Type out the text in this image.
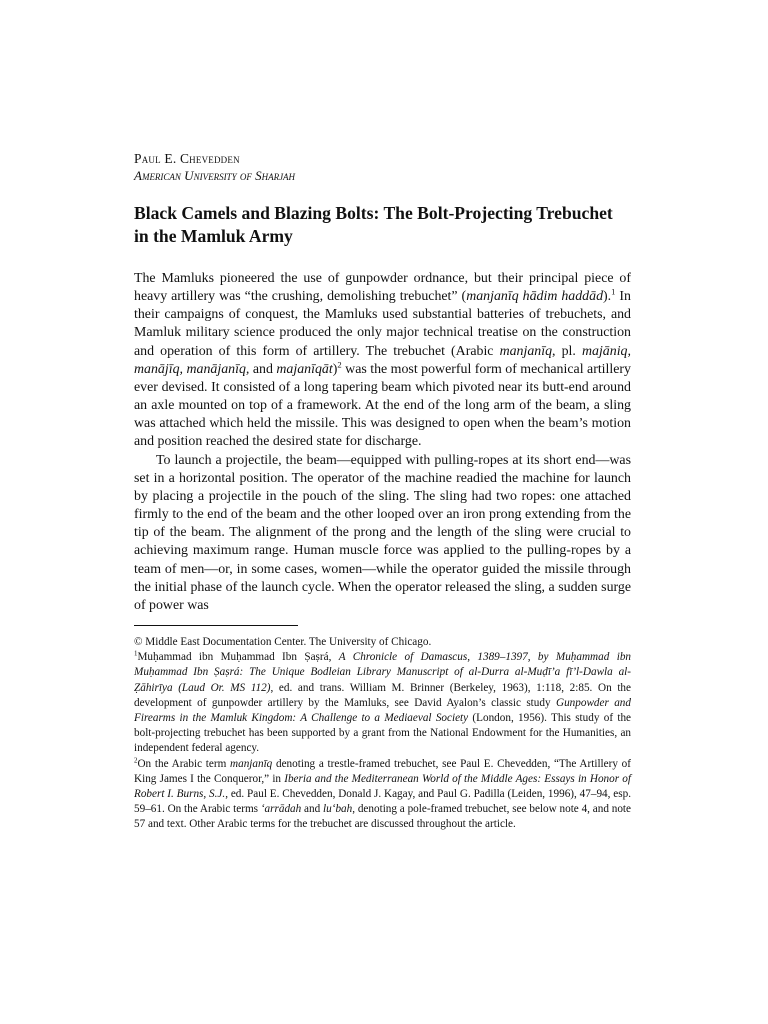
Paul E. Chevedden
American University of Sharjah
Black Camels and Blazing Bolts: The Bolt-Projecting Trebuchet in the Mamluk Army

The Mamluks pioneered the use of gunpowder ordnance, but their principal piece of heavy artillery was “the crushing, demolishing trebuchet” (manjanīq hādim haddād).$^1$ In their campaigns of conquest, the Mamluks used substantial batteries of trebuchets, and Mamluk military science produced the only major technical treatise on the construction and operation of this form of artillery. The trebuchet (Arabic manjanīq, pl. majāniq, manājīq, manājanīq, and majanīqāt)$^2$ was the most powerful form of mechanical artillery ever devised. It consisted of a long tapering beam which pivoted near its butt-end around an axle mounted on top of a framework. At the end of the long arm of the beam, a sling was attached which held the missile. This was designed to open when the beam’s motion and position reached the desired state for discharge.

To launch a projectile, the beam—equipped with pulling-ropes at its short end—was set in a horizontal position. The operator of the machine readied the machine for launch by placing a projectile in the pouch of the sling. The sling had two ropes: one attached firmly to the end of the beam and the other looped over an iron prong extending from the tip of the beam. The alignment of the prong and the length of the sling were crucial to achieving maximum range. Human muscle force was applied to the pulling-ropes by a team of men—or, in some cases, women—while the operator guided the missile through the initial phase of the launch cycle. When the operator released the sling, a sudden surge of power was

© Middle East Documentation Center. The University of Chicago.

$^1$Muḥammad ibn Muḥammad Ibn Ṣaṣrá, A Chronicle of Damascus, 1389–1397, by Muḥammad ibn Muḥammad Ibn Ṣaṣrá: The Unique Bodleian Library Manuscript of al-Durra al-Muḍī’a fī’l-Dawla al-Ẓāhirīya (Laud Or. MS 112), ed. and trans. William M. Brinner (Berkeley, 1963), 1:118, 2:85. On the development of gunpowder artillery by the Mamluks, see David Ayalon’s classic study Gunpowder and Firearms in the Mamluk Kingdom: A Challenge to a Mediaeval Society (London, 1956). This study of the bolt-projecting trebuchet has been supported by a grant from the National Endowment for the Humanities, an independent federal agency.

$^2$On the Arabic term manjanīq denoting a trestle-framed trebuchet, see Paul E. Chevedden, “The Artillery of King James I the Conqueror,” in Iberia and the Mediterranean World of the Middle Ages: Essays in Honor of Robert I. Burns, S.J., ed. Paul E. Chevedden, Donald J. Kagay, and Paul G. Padilla (Leiden, 1996), 47–94, esp. 59–61. On the Arabic terms ‘arrādah and lu‘bah, denoting a pole-framed trebuchet, see below note 4, and note 57 and text. Other Arabic terms for the trebuchet are discussed throughout the article.
